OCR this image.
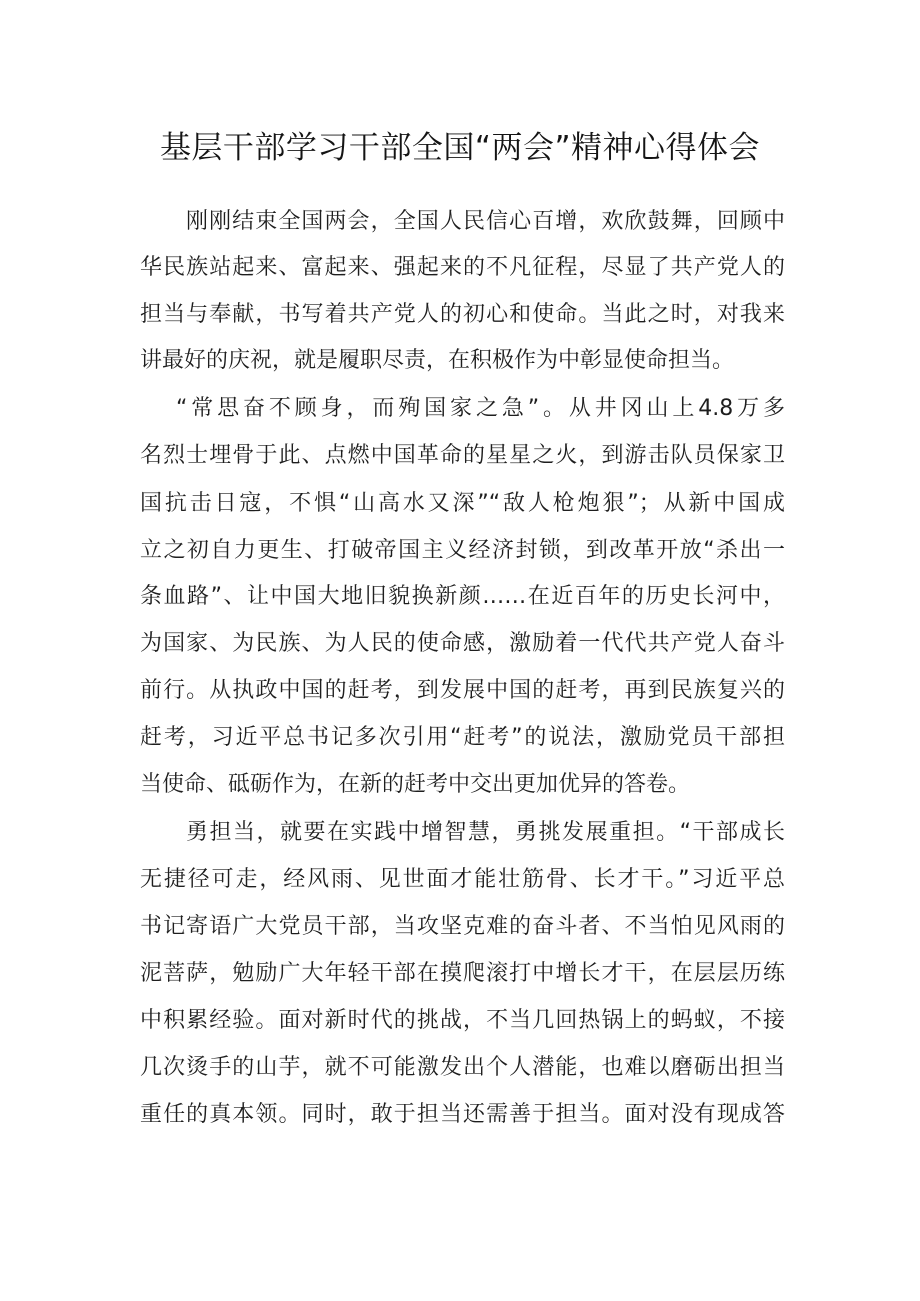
基层干部学习干部全国“两会”精神心得体会
刚刚结束全国两会，全国人民信心百增，欢欣鼓舞，回顾中
华民族站起来、富起来、强起来的不凡征程，尽显了共产党人的
担当与奉献，书写着共产党人的初心和使命。当此之时，对我来
讲最好的庆祝，就是履职尽责，在积极作为中彰显使命担当。
“常思奋不顾身，而殉国家之急”。从井冈山上4.8万多
名烈士埋骨于此、点燃中国革命的星星之火，到游击队员保家卫
国抗击日寇，不惧“山高水又深”“敌人枪炮狠”；从新中国成
立之初自力更生、打破帝国主义经济封锁，到改革开放“杀出一
条血路”、让中国大地旧貌换新颜……在近百年的历史长河中，
为国家、为民族、为人民的使命感，激励着一代代共产党人奋斗
前行。从执政中国的赶考，到发展中国的赶考，再到民族复兴的
赶考，习近平总书记多次引用“赶考”的说法，激励党员干部担
当使命、砥砺作为，在新的赶考中交出更加优异的答卷。
勇担当，就要在实践中增智慧，勇挑发展重担。“干部成长
无捷径可走，经风雨、见世面才能壮筋骨、长才干。”习近平总
书记寄语广大党员干部，当攻坚克难的奋斗者、不当怕见风雨的
泥菩萨，勉励广大年轻干部在摸爬滚打中增长才干，在层层历练
中积累经验。面对新时代的挑战，不当几回热锅上的蚂蚁，不接
几次烫手的山芋，就不可能激发出个人潜能，也难以磨砺出担当
重任的真本领。同时，敢于担当还需善于担当。面对没有现成答
